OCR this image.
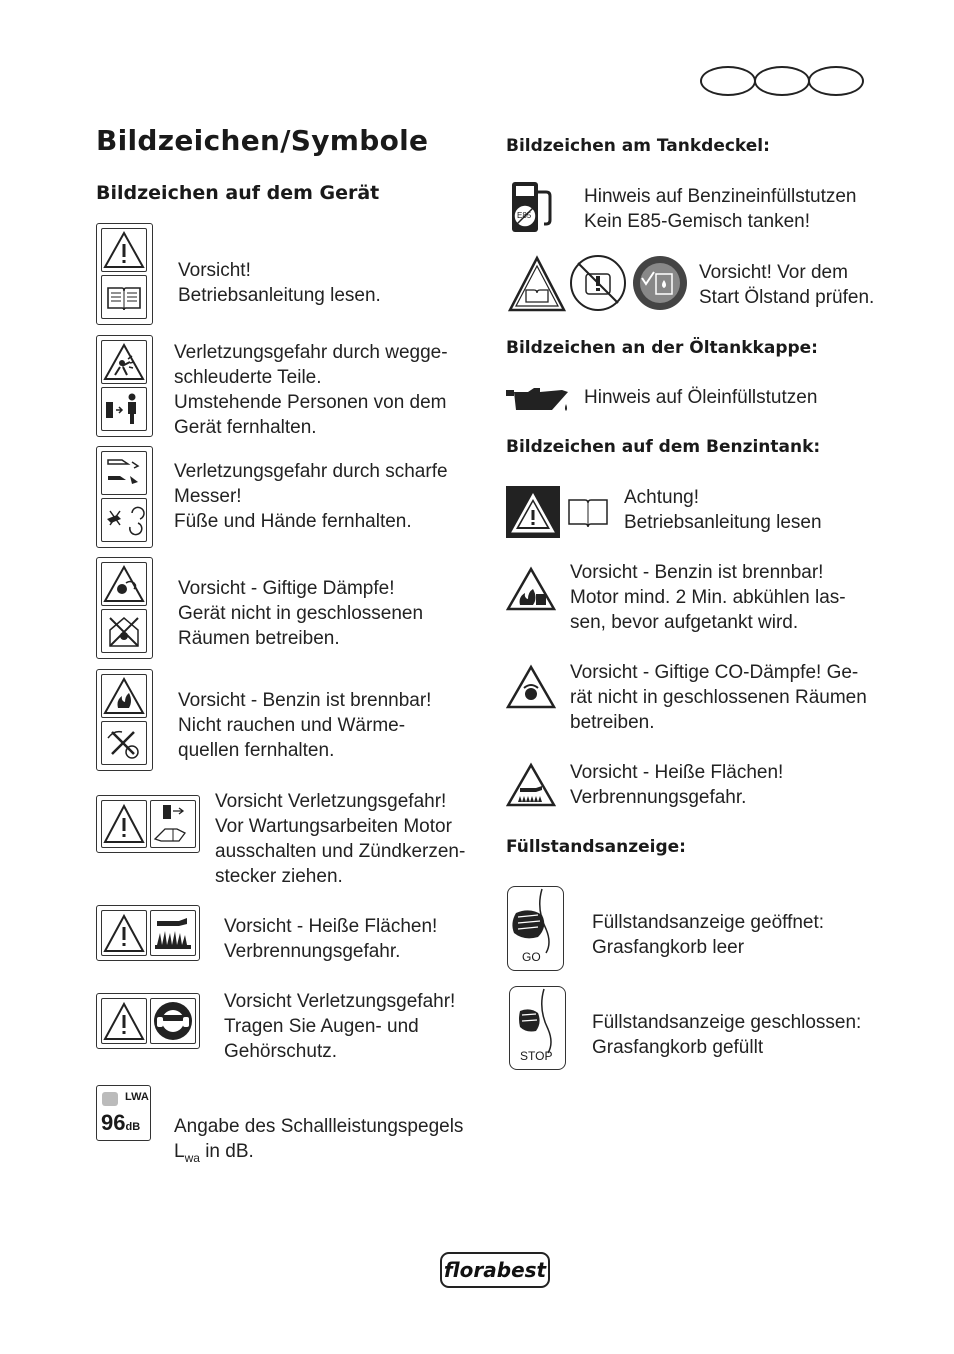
Bildzeichen/Symbole
Bildzeichen auf dem Gerät
Vorsicht!
Betriebsanleitung lesen.
Verletzungsgefahr durch wegge-
schleuderte Teile.
Umstehende Personen von dem
Gerät fernhalten.
Verletzungsgefahr durch scharfe
Messer!
Füße und Hände fernhalten.
Vorsicht - Giftige Dämpfe!
Gerät nicht in geschlossenen
Räumen betreiben.
Vorsicht - Benzin ist brennbar!
Nicht rauchen und Wärme-
quellen fernhalten.
Vorsicht Verletzungsgefahr!
Vor Wartungsarbeiten Motor
ausschalten und Zündkerzen-
stecker ziehen.
Vorsicht - Heiße Flächen!
Verbrennungsgefahr.
Vorsicht Verletzungsgefahr!
Tragen Sie Augen- und
Gehörschutz.
LWA
96dB Angabe des Schallleistungspegels
$L_{wa}$ in dB.

Bildzeichen am Tankdeckel:
E85
Hinweis auf Benzineinfüllstutzen
Kein E85-Gemisch tanken!
Vorsicht! Vor dem
Start Ölstand prüfen.
Bildzeichen an der Öltankkappe:
Hinweis auf Öleinfüllstutzen
Bildzeichen auf dem Benzintank:
Achtung!
Betriebsanleitung lesen
Vorsicht - Benzin ist brennbar!
Motor mind. 2 Min. abkühlen las-
sen, bevor aufgetankt wird.
Vorsicht - Giftige CO-Dämpfe! Ge-
rät nicht in geschlossenen Räumen
betreiben.
Vorsicht - Heiße Flächen!
Verbrennungsgefahr.
Füllstandsanzeige:
GO
Füllstandsanzeige geöffnet:
Grasfangkorb leer
STOP
Füllstandsanzeige geschlossen:
Grasfangkorb gefüllt
florabest
